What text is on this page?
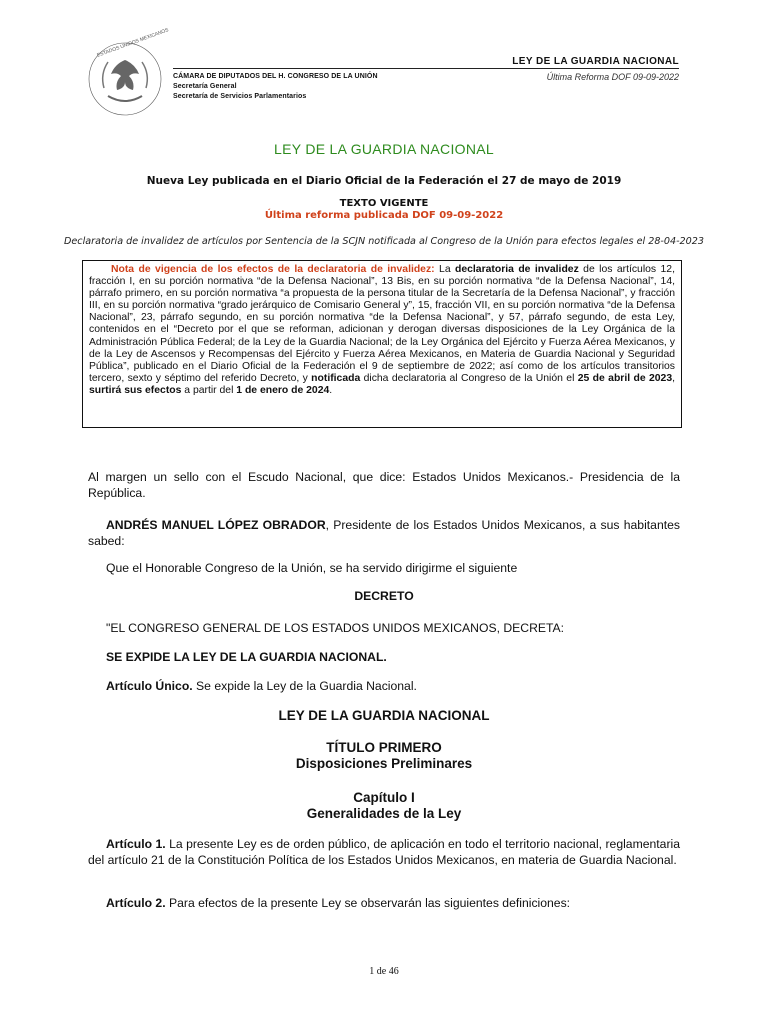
ESTADOS UNIDOS MEXICANOS
LEY DE LA GUARDIA NACIONAL
Última Reforma DOF 09-09-2022
CÁMARA DE DIPUTADOS DEL H. CONGRESO DE LA UNIÓN
Secretaría General
Secretaría de Servicios Parlamentarios
LEY DE LA GUARDIA NACIONAL
Nueva Ley publicada en el Diario Oficial de la Federación el 27 de mayo de 2019
TEXTO VIGENTE
Última reforma publicada DOF 09-09-2022
Declaratoria de invalidez de artículos por Sentencia de la SCJN notificada al Congreso de la Unión para efectos legales el 28-04-2023
Nota de vigencia de los efectos de la declaratoria de invalidez: La declaratoria de invalidez de los artículos 12, fracción I, en su porción normativa “de la Defensa Nacional”, 13 Bis, en su porción normativa “de la Defensa Nacional”, 14, párrafo primero, en su porción normativa “a propuesta de la persona titular de la Secretaría de la Defensa Nacional”, y fracción III, en su porción normativa “grado jerárquico de Comisario General y”, 15, fracción VII, en su porción normativa “de la Defensa Nacional”, 23, párrafo segundo, en su porción normativa “de la Defensa Nacional”, y 57, párrafo segundo, de esta Ley, contenidos en el “Decreto por el que se reforman, adicionan y derogan diversas disposiciones de la Ley Orgánica de la Administración Pública Federal; de la Ley de la Guardia Nacional; de la Ley Orgánica del Ejército y Fuerza Aérea Mexicanos, y de la Ley de Ascensos y Recompensas del Ejército y Fuerza Aérea Mexicanos, en Materia de Guardia Nacional y Seguridad Pública”, publicado en el Diario Oficial de la Federación el 9 de septiembre de 2022; así como de los artículos transitorios tercero, sexto y séptimo del referido Decreto, y notificada dicha declaratoria al Congreso de la Unión el 25 de abril de 2023, surtirá sus efectos a partir del 1 de enero de 2024.
Al margen un sello con el Escudo Nacional, que dice: Estados Unidos Mexicanos.- Presidencia de la República.
ANDRÉS MANUEL LÓPEZ OBRADOR, Presidente de los Estados Unidos Mexicanos, a sus habitantes sabed:
Que el Honorable Congreso de la Unión, se ha servido dirigirme el siguiente
DECRETO
"EL CONGRESO GENERAL DE LOS ESTADOS UNIDOS MEXICANOS, DECRETA:
SE EXPIDE LA LEY DE LA GUARDIA NACIONAL.
Artículo Único. Se expide la Ley de la Guardia Nacional.
LEY DE LA GUARDIA NACIONAL
TÍTULO PRIMERO
Disposiciones Preliminares
Capítulo I
Generalidades de la Ley
Artículo 1. La presente Ley es de orden público, de aplicación en todo el territorio nacional, reglamentaria del artículo 21 de la Constitución Política de los Estados Unidos Mexicanos, en materia de Guardia Nacional.
Artículo 2. Para efectos de la presente Ley se observarán las siguientes definiciones:
1 de 46
